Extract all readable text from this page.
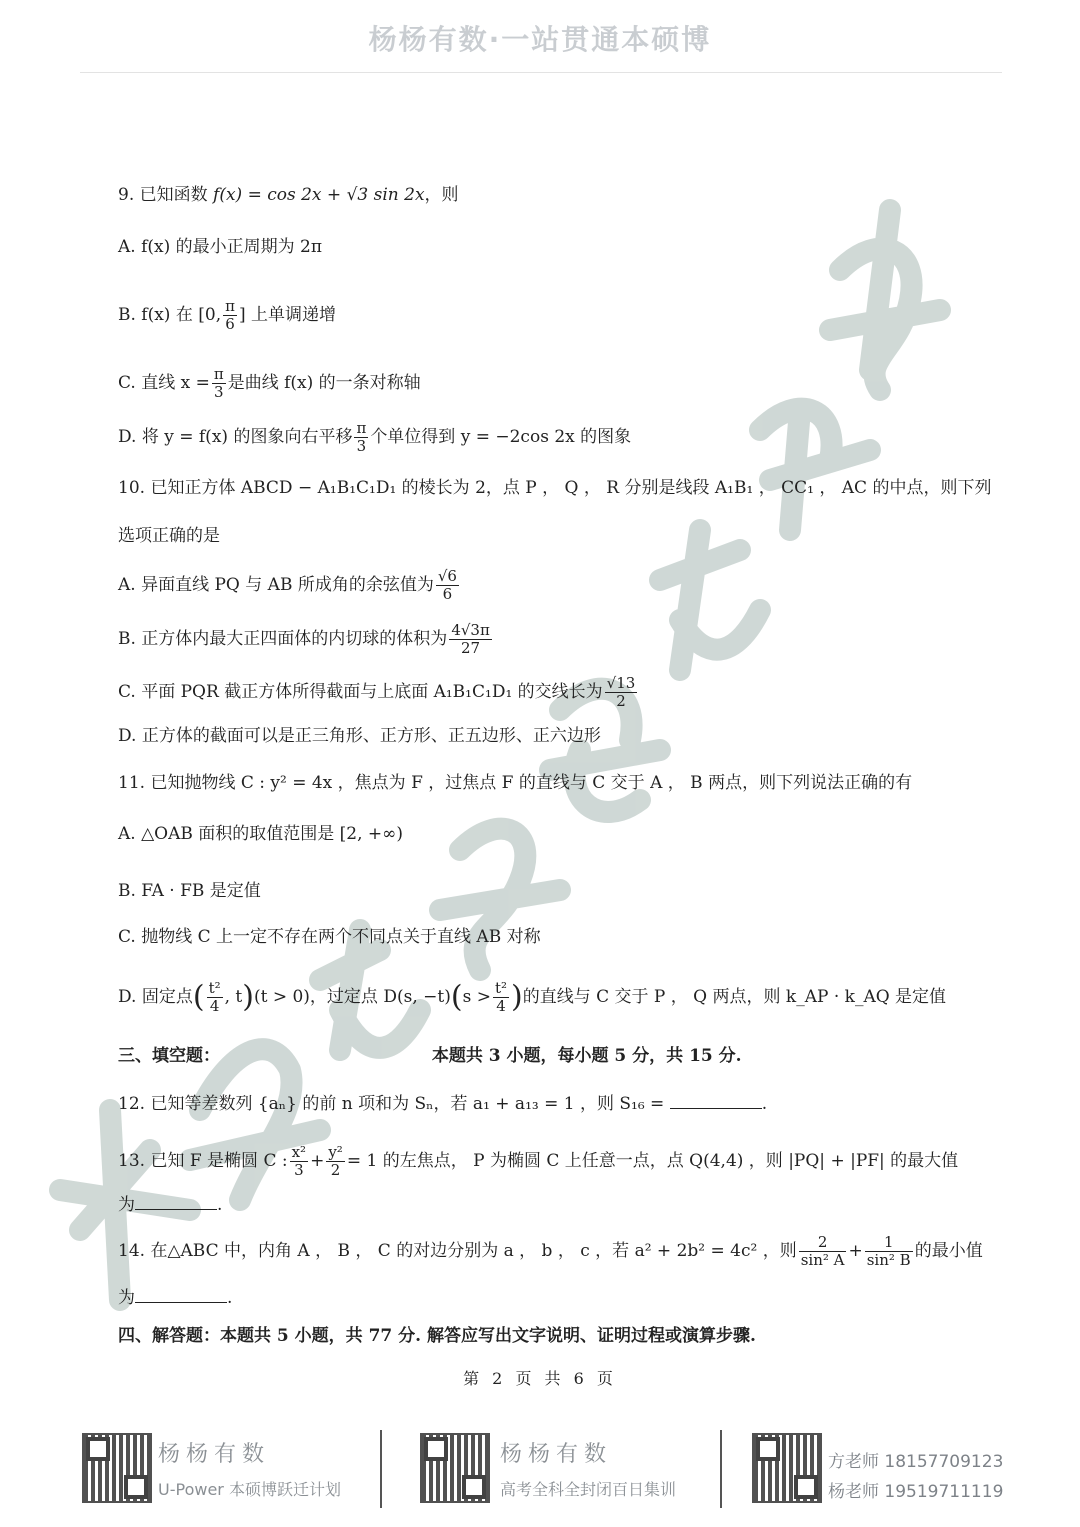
杨杨有数·一站贯通本硕博
9. 已知函数 f(x) = cos 2x + √3 sin 2x，则
A. f(x) 的最小正周期为 2π
B. f(x) 在 [0, $\frac{\pi}{6}$ ] 上单调递增
C. 直线 $x = \frac{\pi}{3}$ 是曲线 f(x) 的一条对称轴
D. 将 y = f(x) 的图象向右平移 $\frac{\pi}{3}$ 个单位得到 y = −2cos 2x 的图象
10. 已知正方体 ABCD − A₁B₁C₁D₁ 的棱长为 2，点 P ， Q ， R 分别是线段 A₁B₁ ， CC₁ ， AC 的中点，则下列
选项正确的是
A. 异面直线 PQ 与 AB 所成角的余弦值为 $\frac{√6}{6}$
B. 正方体内最大正四面体的内切球的体积为 $\frac{4√3\pi}{27}$
C. 平面 PQR 截正方体所得截面与上底面 A₁B₁C₁D₁ 的交线长为 $\frac{√13}{2}$
D. 正方体的截面可以是正三角形、正方形、正五边形、正六边形
11. 已知抛物线 C : y² = 4x ，焦点为 F ，过焦点 F 的直线与 C 交于 A ， B 两点，则下列说法正确的有
A. △OAB 面积的取值范围是 [2, +∞)
B. FA · FB 是定值
C. 抛物线 C 上一定不存在两个不同点关于直线 AB 对称
D. 固定点( $\frac{\text{t²}}{4}$ , t)(t > 0)，过定点 D(s, $-t)(s > \frac{\text{t²}}{4}$ )的直线与 C 交于 P ， Q 两点，则 k_AP · k_AQ 是定值
三、填空题：	本题共 3 小题，每小题 5 分，共 15 分.
12. 已知等差数列 {aₙ} 的前 n 项和为 Sₙ，若 a₁ + a₁₃ = 1 ，则 S₁₆ =	.
13. 已知 F 是椭圆 C : $\frac{\text{x²}}{3} + \frac{\text{y²}}{2} = 1$ 的左焦点， P 为椭圆 C 上任意一点，点 Q(4,4) ，则 |PQ| + |PF| 的最大值
为	.
14. 在△ABC 中，内角 A ， B ， C 的对边分别为 a ， b ， c ，若 a² + 2b² = 4c² ，则 $\frac{2}{\text{sin² A}} + \frac{1}{\text{sin² B}}$ 的最小值
为	.
四、解答题：本题共 5 小题，共 77 分. 解答应写出文字说明、证明过程或演算步骤.
第 2 页 共 6 页
杨杨有数
U-Power 本硕博跃迁计划
杨杨有数
高考全科全封闭百日集训
方老师 18157709123
杨老师 19519711119
